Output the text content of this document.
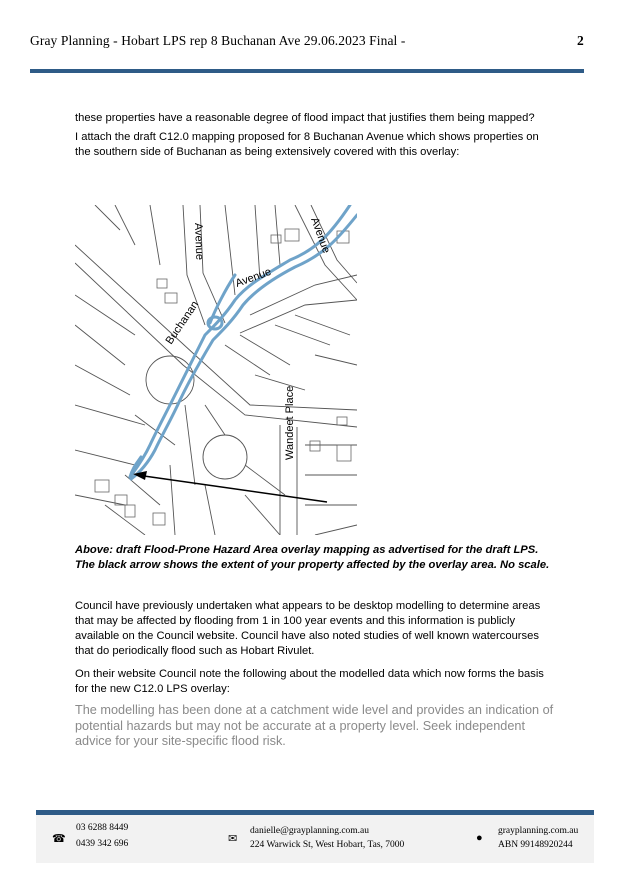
Gray Planning - Hobart LPS rep 8 Buchanan Ave 29.06.2023 Final -	2

these properties have a reasonable degree of flood impact that justifies them being mapped?

I attach the draft C12.0 mapping proposed for 8 Buchanan Avenue which shows properties on the southern side of Buchanan as being extensively covered with this overlay:

Avenue	Avenue
Avenue
Buchanan
Wandeet Place
Above: draft Flood-Prone Hazard Area overlay mapping as advertised for the draft LPS.
The black arrow shows the extent of your property affected by the overlay area. No scale.

Council have previously undertaken what appears to be desktop modelling to determine areas that may be affected by flooding from 1 in 100 year events and this information is publicly available on the Council website. Council have also noted studies of well known watercourses that do periodically flood such as Hobart Rivulet.

On their website Council note the following about the modelled data which now forms the basis for the new C12.0 LPS overlay:

The modelling has been done at a catchment wide level and provides an indication of potential hazards but may not be accurate at a property level. Seek independent advice for your site-specific flood risk.
☎
03 6288 8449
0439 342 696	✉
danielle@grayplanning.com.au
224 Warwick St, West Hobart, Tas, 7000
●
grayplanning.com.au
ABN 99148920244
